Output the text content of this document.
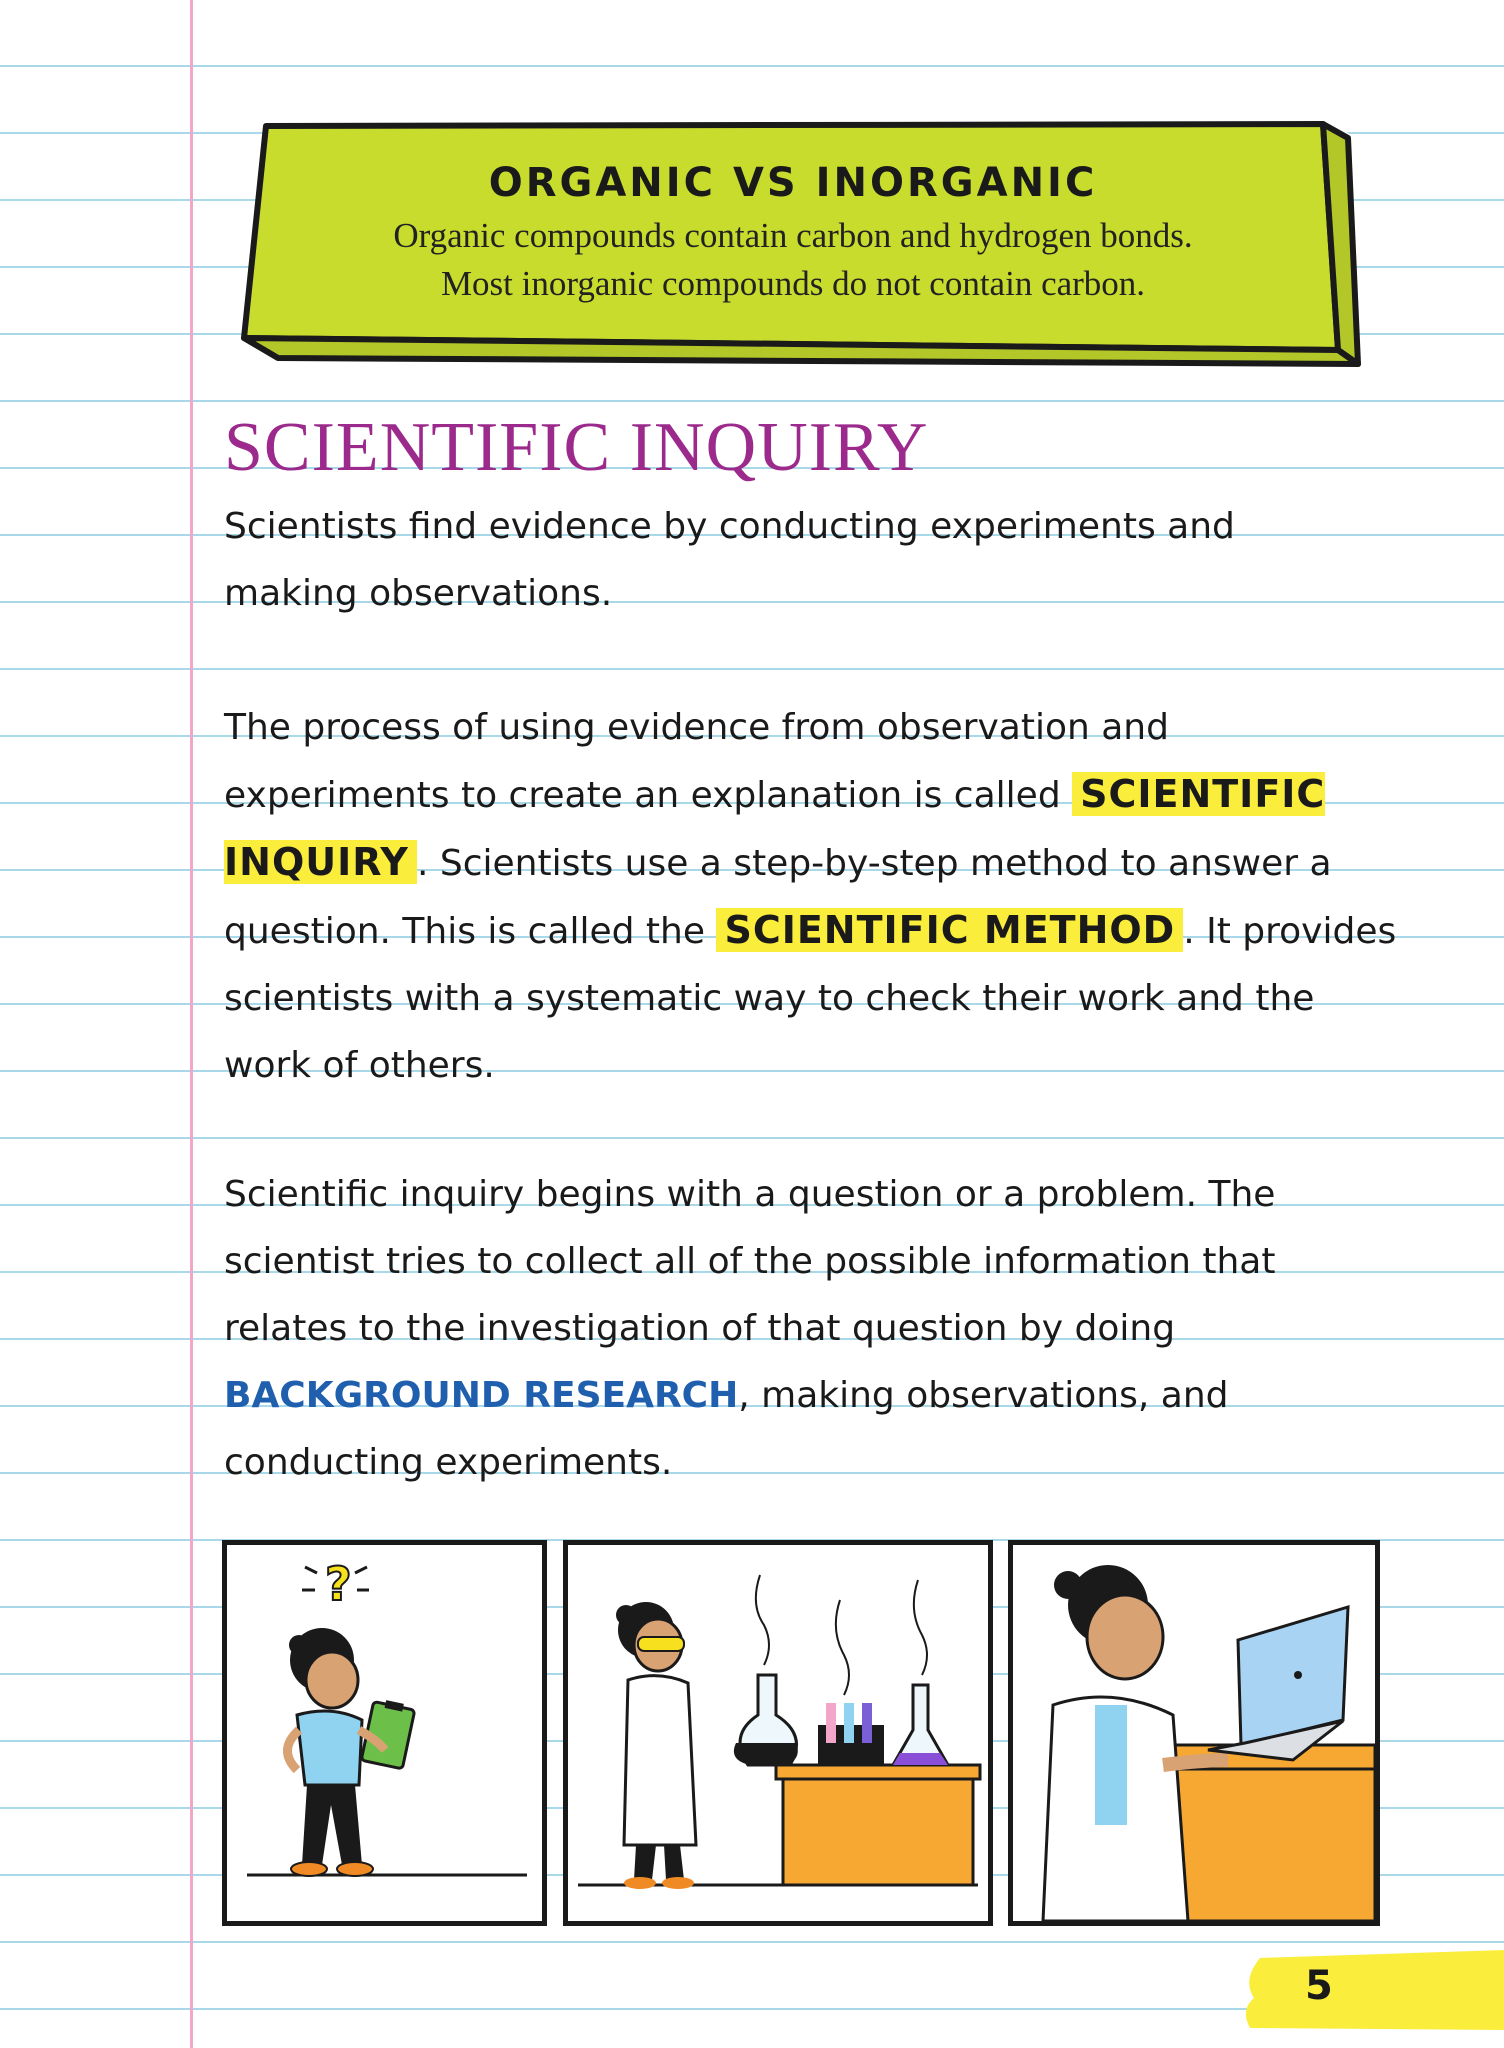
ORGANIC VS INORGANIC
Organic compounds contain carbon and hydrogen bonds.
Most inorganic compounds do not contain carbon.
SCIENTIFIC INQUIRY
Scientists find evidence by conducting experiments and
making observations.

The process of using evidence from observation and experiments to create an explanation is called SCIENTIFIC INQUIRY . Scientists use a step-by-step method to answer a question. This is called the SCIENTIFIC METHOD . It provides scientists with a systematic way to check their work and the work of others.

Scientific inquiry begins with a question or a problem. The scientist tries to collect all of the possible information that relates to the investigation of that question by doing BACKGROUND RESEARCH, making observations, and conducting experiments.

?
5
